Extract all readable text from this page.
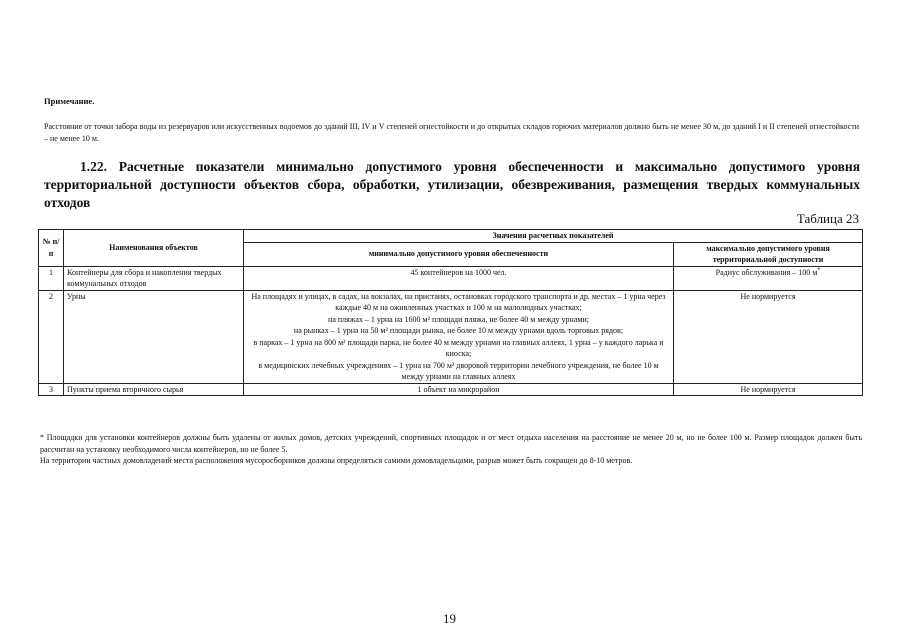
Примечание.
Расстояние от точки забора воды из резервуаров или искусственных водоемов до зданий III, IV и V степеней огнестойкости и до открытых складов горючих материалов должно быть не менее 30 м, до зданий I и II степеней огнестойкости – не менее 10 м.
1.22. Расчетные показатели минимально допустимого уровня обеспеченности и максимально допустимого уровня территориальной доступности объектов сбора, обработки, утилизации, обезвреживания, размещения твердых коммунальных отходов
Таблица 23
№ п/п	Наименования объектов	Значения расчетных показателей	
		минимально допустимого уровня обеспеченности	максимально допустимого уровня территориальной доступности
1	Контейнеры для сбора и накопления твердых коммунальных отходов	45 контейнеров на 1000 чел.	Радиус обслуживания – 100 м*
2	Урны	На площадях и улицах, в садах, на вокзалах, на пристанях, остановках городского транспорта и др. местах – 1 урна через каждые 40 м на оживленных участках и 100 м на малолюдных участках;
на пляжах – 1 урна на 1600 м² площади пляжа, не более 40 м между урнами;
на рынках – 1 урна на 50 м² площади рынка, не более 10 м между урнами вдоль торговых рядов;
в парках – 1 урна на 800 м² площади парка, не более 40 м между урнами на главных аллеях, 1 урна – у каждого ларька и киоска;
в медицинских лечебных учреждениях – 1 урна на 700 м² дворовой территории лечебного учреждения, не более 10 м между урнами на главных аллеях	Не нормируется
3	Пункты приема вторичного сырья	1 объект на микрорайон	Не нормируется
* Площадки для установки контейнеров должны быть удалены от жилых домов, детских учреждений, спортивных площадок и от мест отдыха населения на расстояние не менее 20 м, но не более 100 м. Размер площадок должен быть рассчитан на установку необходимого числа контейнеров, но не более 5.
На территории частных домовладений места расположения мусоросборников должны определяться самими домовладельцами, разрыв может быть сокращен до 8-10 метров.
19
